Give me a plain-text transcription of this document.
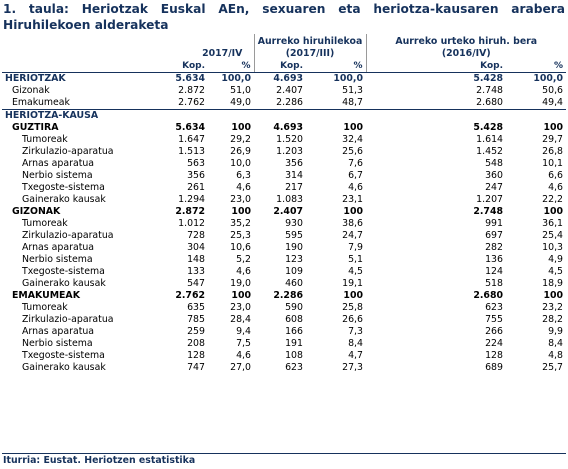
1. taula: Heriotzak Euskal AEn, sexuaren eta heriotza-kausaren arabera Hiruhilekoen alderaketa
			Aurreko hiruhilekoa		Aurreko urteko hiruh. bera	
	2017/IV		(2017/III)		(2016/IV)	
	Kop.	%	Kop.	%	Kop.	%
HERIOTZAK	5.634	100,0	4.693	100,0	5.428	100,0
Gizonak	2.872	51,0	2.407	51,3	2.748	50,6
Emakumeak	2.762	49,0	2.286	48,7	2.680	49,4
HERIOTZA-KAUSA						
GUZTIRA	5.634	100	4.693	100	5.428	100
Tumoreak	1.647	29,2	1.520	32,4	1.614	29,7
Zirkulazio-aparatua	1.513	26,9	1.203	25,6	1.452	26,8
Arnas aparatua	563	10,0	356	7,6	548	10,1
Nerbio sistema	356	6,3	314	6,7	360	6,6
Txegoste-sistema	261	4,6	217	4,6	247	4,6
Gainerako kausak	1.294	23,0	1.083	23,1	1.207	22,2
GIZONAK	2.872	100	2.407	100	2.748	100
Tumoreak	1.012	35,2	930	38,6	991	36,1
Zirkulazio-aparatua	728	25,3	595	24,7	697	25,4
Arnas aparatua	304	10,6	190	7,9	282	10,3
Nerbio sistema	148	5,2	123	5,1	136	4,9
Txegoste-sistema	133	4,6	109	4,5	124	4,5
Gainerako kausak	547	19,0	460	19,1	518	18,9
EMAKUMEAK	2.762	100	2.286	100	2.680	100
Tumoreak	635	23,0	590	25,8	623	23,2
Zirkulazio-aparatua	785	28,4	608	26,6	755	28,2
Arnas aparatua	259	9,4	166	7,3	266	9,9
Nerbio sistema	208	7,5	191	8,4	224	8,4
Txegoste-sistema	128	4,6	108	4,7	128	4,8
Gainerako kausak	747	27,0	623	27,3	689	25,7
Iturria: Eustat. Heriotzen estatistika
